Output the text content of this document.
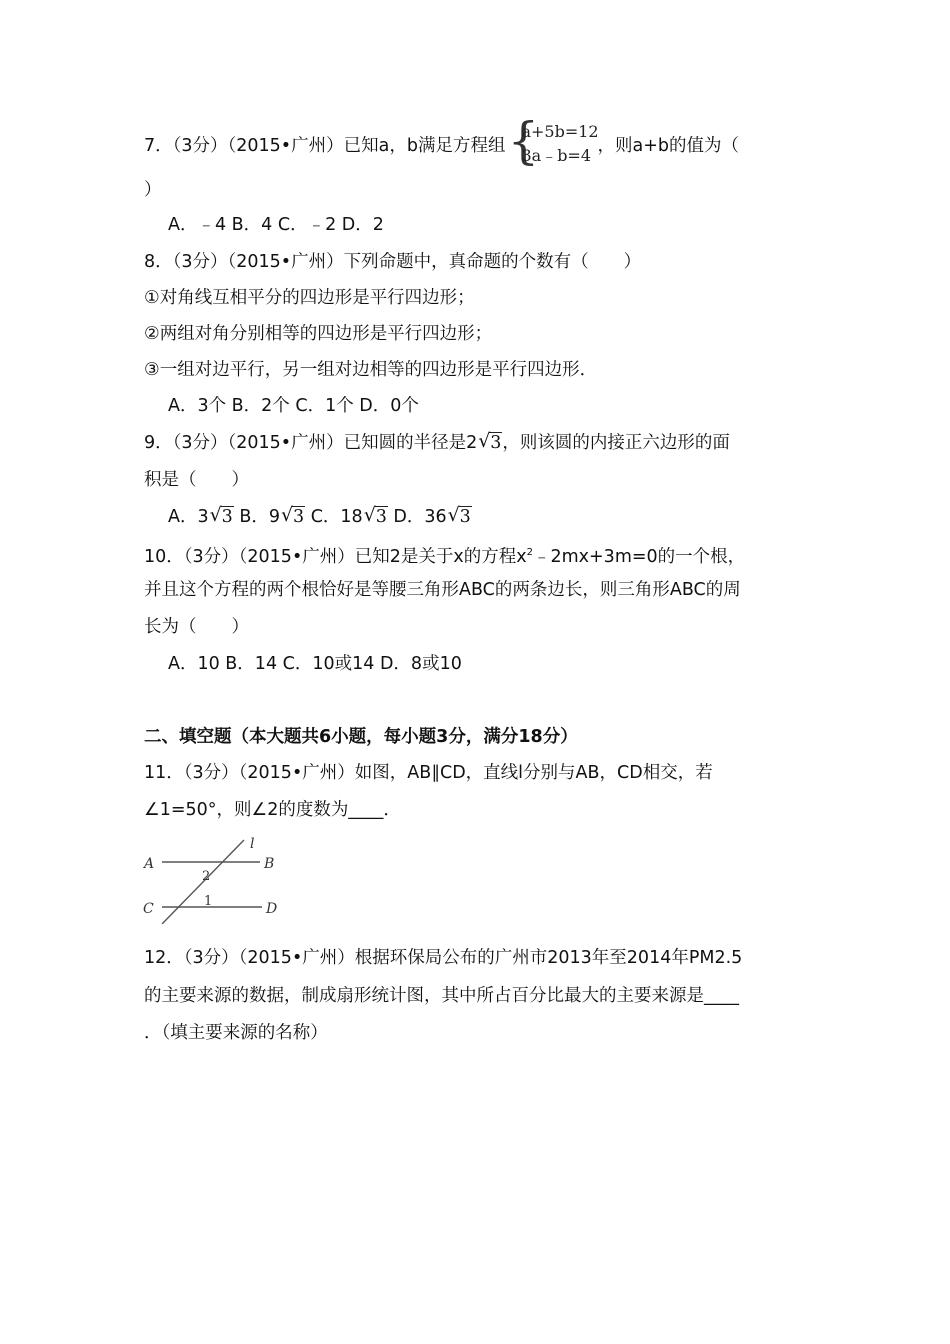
7．（3分）（2015•广州）已知a，b满足方程组 {
a+5b=12
3a﹣b=4 ，则a+b的值为（
）
A．﹣4 B．4 C．﹣2 D．2
8．（3分）（2015•广州）下列命题中，真命题的个数有（　　）
①对角线互相平分的四边形是平行四边形；
②两组对角分别相等的四边形是平行四边形；
③一组对边平行，另一组对边相等的四边形是平行四边形．
A．3个 B．2个 C．1个 D．0个
9．（3分）（2015•广州）已知圆的半径是2 √ 3，则该圆的内接正六边形的面
积是（　　）
A．3 √ 3 B．9 √ 3 C．18 √ 3 D．36 √ 3
10．（3分）（2015•广州）已知2是关于x的方程$x^2﹣2mx+3m=0$的一个根，
并且这个方程的两个根恰好是等腰三角形ABC的两条边长，则三角形ABC的周
长为（　　）
A．10 B．14 C．10或14 D．8或10
二、填空题（本大题共6小题，每小题3分，满分18分）
11．（3分）（2015•广州）如图，AB∥CD，直线l分别与AB，CD相交，若
∠1=50°，则∠2的度数为____．
A	B
C	D
l
2
1
12．（3分）（2015•广州）根据环保局公布的广州市2013年至2014年PM2.5
的主要来源的数据，制成扇形统计图，其中所占百分比最大的主要来源是____
．（填主要来源的名称）
